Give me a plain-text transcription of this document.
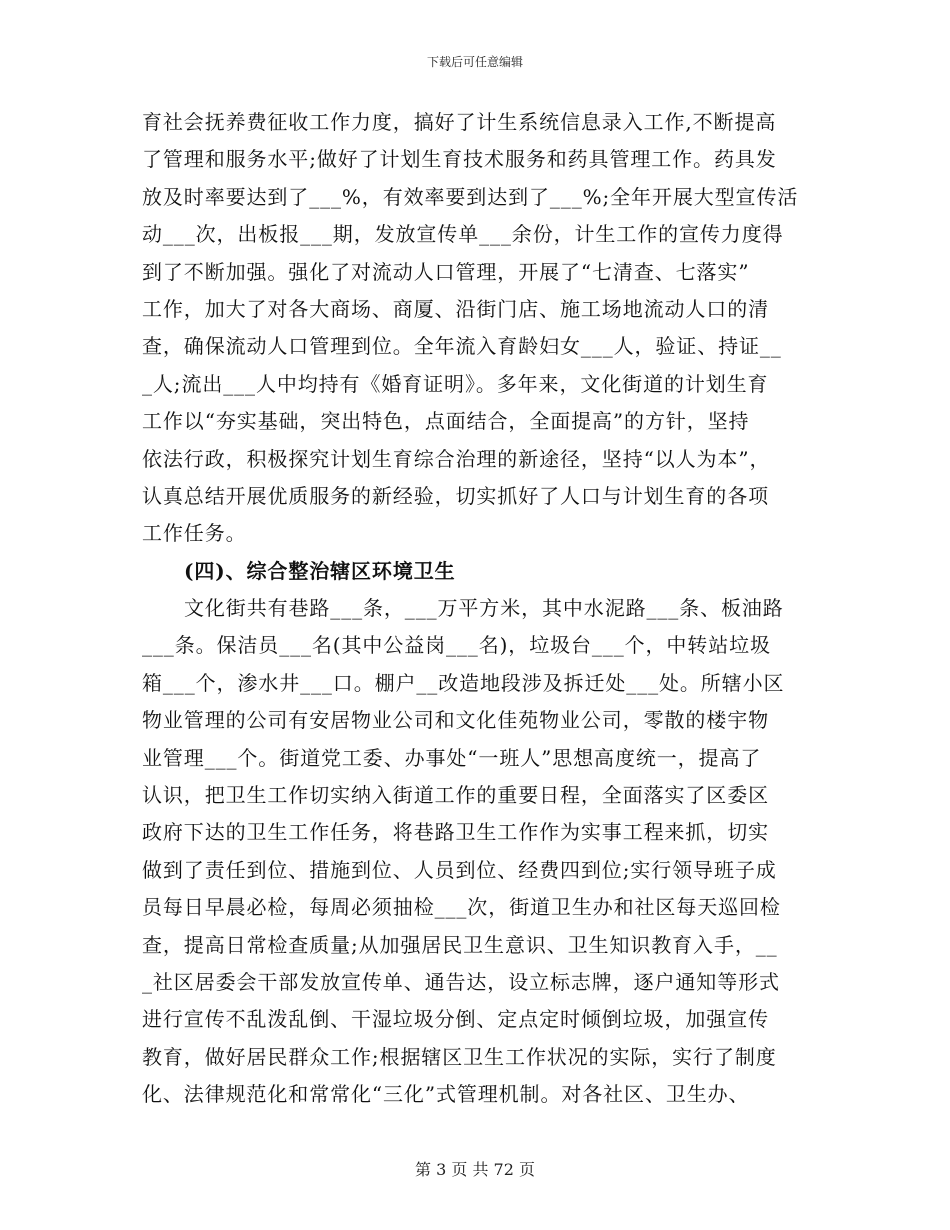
下载后可任意编辑
育社会抚养费征收工作力度，搞好了计生系统信息录入工作,不断提高
了管理和服务水平;做好了计划生育技术服务和药具管理工作。药具发
放及时率要达到了___%，有效率要到达到了___%;全年开展大型宣传活
动___次，出板报___期，发放宣传单___余份，计生工作的宣传力度得
到了不断加强。强化了对流动人口管理，开展了“七清查、七落实”
工作，加大了对各大商场、商厦、沿街门店、施工场地流动人口的清
查，确保流动人口管理到位。全年流入育龄妇女___人，验证、持证__
_人;流出___人中均持有《婚育证明》。多年来，文化街道的计划生育
工作以“夯实基础，突出特色，点面结合，全面提高”的方针，坚持
依法行政，积极探究计划生育综合治理的新途径，坚持“以人为本”，
认真总结开展优质服务的新经验，切实抓好了人口与计划生育的各项
工作任务。
(四)、综合整治辖区环境卫生
文化街共有巷路___条，___万平方米，其中水泥路___条、板油路
___条。保洁员___名(其中公益岗___名)，垃圾台___个，中转站垃圾
箱___个，渗水井___口。棚户__改造地段涉及拆迁处___处。所辖小区
物业管理的公司有安居物业公司和文化佳苑物业公司，零散的楼宇物
业管理___个。街道党工委、办事处“一班人”思想高度统一，提高了
认识，把卫生工作切实纳入街道工作的重要日程，全面落实了区委区
政府下达的卫生工作任务，将巷路卫生工作作为实事工程来抓，切实
做到了责任到位、措施到位、人员到位、经费四到位;实行领导班子成
员每日早晨必检，每周必须抽检___次，街道卫生办和社区每天巡回检
查，提高日常检查质量;从加强居民卫生意识、卫生知识教育入手，__
_社区居委会干部发放宣传单、通告达，设立标志牌，逐户通知等形式
进行宣传不乱泼乱倒、干湿垃圾分倒、定点定时倾倒垃圾，加强宣传
教育，做好居民群众工作;根据辖区卫生工作状况的实际，实行了制度
化、法律规范化和常常化“三化”式管理机制。对各社区、卫生办、
第 3 页 共 72 页
